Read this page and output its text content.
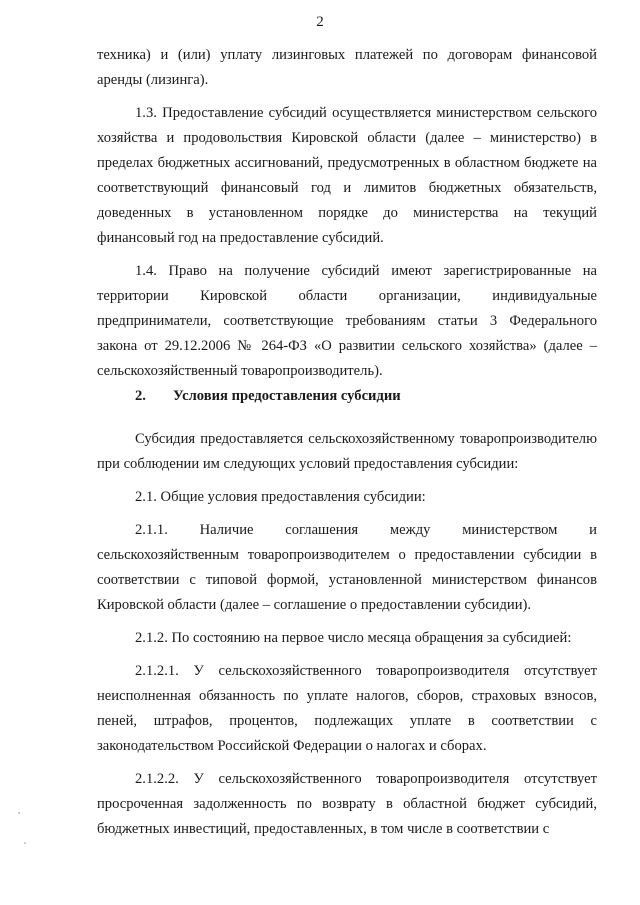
2

техника) и (или) уплату лизинговых платежей по договорам финансовой аренды (лизинга).

1.3. Предоставление субсидий осуществляется министерством сельского хозяйства и продовольствия Кировской области (далее – министерство) в пределах бюджетных ассигнований, предусмотренных в областном бюджете на соответствующий финансовый год и лимитов бюджетных обязательств, доведенных в установленном порядке до министерства на текущий финансовый год на предоставление субсидий.

1.4. Право на получение субсидий имеют зарегистрированные на территории Кировской области организации, индивидуальные предприниматели, соответствующие требованиям статьи 3 Федерального закона от 29.12.2006 № 264-ФЗ «О развитии сельского хозяйства» (далее – сельскохозяйственный товаропроизводитель).

2. Условия предоставления субсидии

Субсидия предоставляется сельскохозяйственному товаропроизводителю при соблюдении им следующих условий предоставления субсидии:

2.1. Общие условия предоставления субсидии:

2.1.1. Наличие соглашения между министерством и сельскохозяйственным товаропроизводителем о предоставлении субсидии в соответствии с типовой формой, установленной министерством финансов Кировской области (далее – соглашение о предоставлении субсидии).

2.1.2. По состоянию на первое число месяца обращения за субсидией:

2.1.2.1. У сельскохозяйственного товаропроизводителя отсутствует неисполненная обязанность по уплате налогов, сборов, страховых взносов, пеней, штрафов, процентов, подлежащих уплате в соответствии с законодательством Российской Федерации о налогах и сборах.

2.1.2.2. У сельскохозяйственного товаропроизводителя отсутствует просроченная задолженность по возврату в областной бюджет субсидий, бюджетных инвестиций, предоставленных, в том числе в соответствии с
